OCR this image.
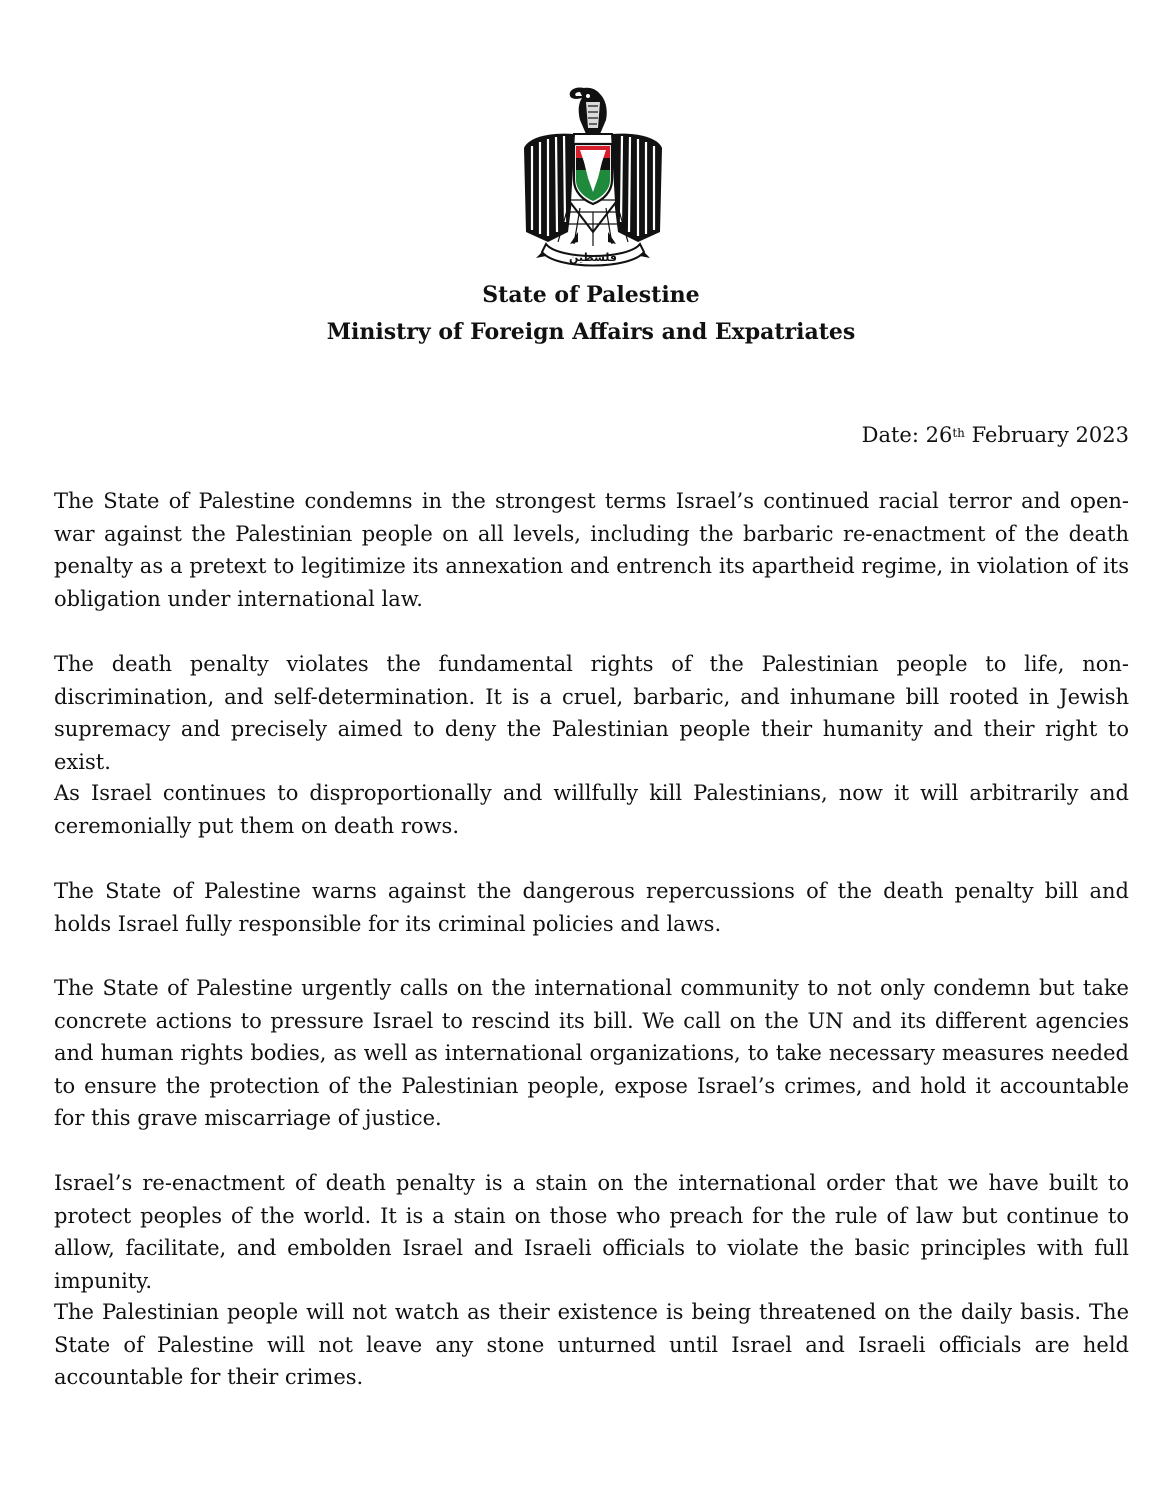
فلسطين
State of Palestine
Ministry of Foreign Affairs and Expatriates
Date: 26th February 2023

The State of Palestine condemns in the strongest terms Israel’s continued racial terror and open-war against the Palestinian people on all levels, including the barbaric re-enactment of the death penalty as a pretext to legitimize its annexation and entrench its apartheid regime, in violation of its obligation under international law.

The death penalty violates the fundamental rights of the Palestinian people to life, non-discrimination, and self-determination. It is a cruel, barbaric, and inhumane bill rooted in Jewish supremacy and precisely aimed to deny the Palestinian people their humanity and their right to exist.

As Israel continues to disproportionally and willfully kill Palestinians, now it will arbitrarily and ceremonially put them on death rows.

The State of Palestine warns against the dangerous repercussions of the death penalty bill and holds Israel fully responsible for its criminal policies and laws.

The State of Palestine urgently calls on the international community to not only condemn but take concrete actions to pressure Israel to rescind its bill. We call on the UN and its different agencies and human rights bodies, as well as international organizations, to take necessary measures needed to ensure the protection of the Palestinian people, expose Israel’s crimes, and hold it accountable for this grave miscarriage of justice.

Israel’s re-enactment of death penalty is a stain on the international order that we have built to protect peoples of the world. It is a stain on those who preach for the rule of law but continue to allow, facilitate, and embolden Israel and Israeli officials to violate the basic principles with full impunity.

The Palestinian people will not watch as their existence is being threatened on the daily basis. The State of Palestine will not leave any stone unturned until Israel and Israeli officials are held accountable for their crimes.
